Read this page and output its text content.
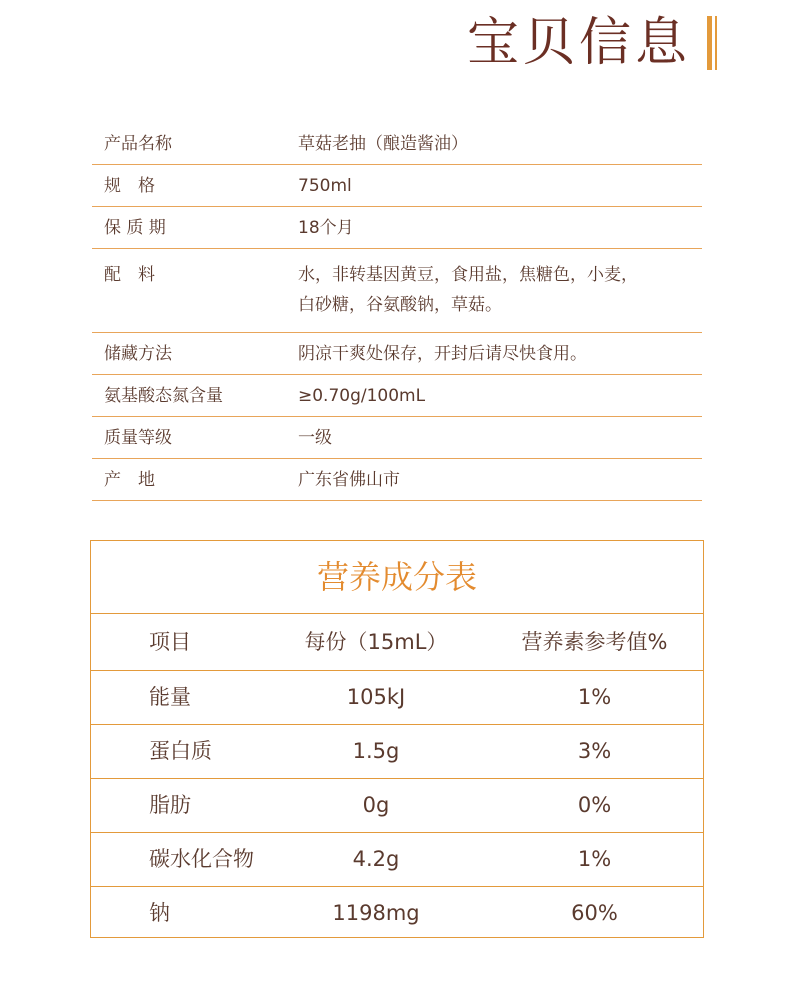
宝贝信息
产品名称	草菇老抽（酿造酱油）
规　格	750ml
保 质 期	18个月
配　料	水，非转基因黄豆，食用盐，焦糖色，小麦，
白砂糖，谷氨酸钠，草菇。
储藏方法	阴凉干爽处保存，开封后请尽快食用。
氨基酸态氮含量	≥0.70g/100mL
质量等级	一级
产　地	广东省佛山市
营养成分表
项目	每份（15mL）	营养素参考值%
能量	105kJ	1%
蛋白质	1.5g	3%
脂肪	0g	0%
碳水化合物	4.2g	1%
钠	1198mg	60%
